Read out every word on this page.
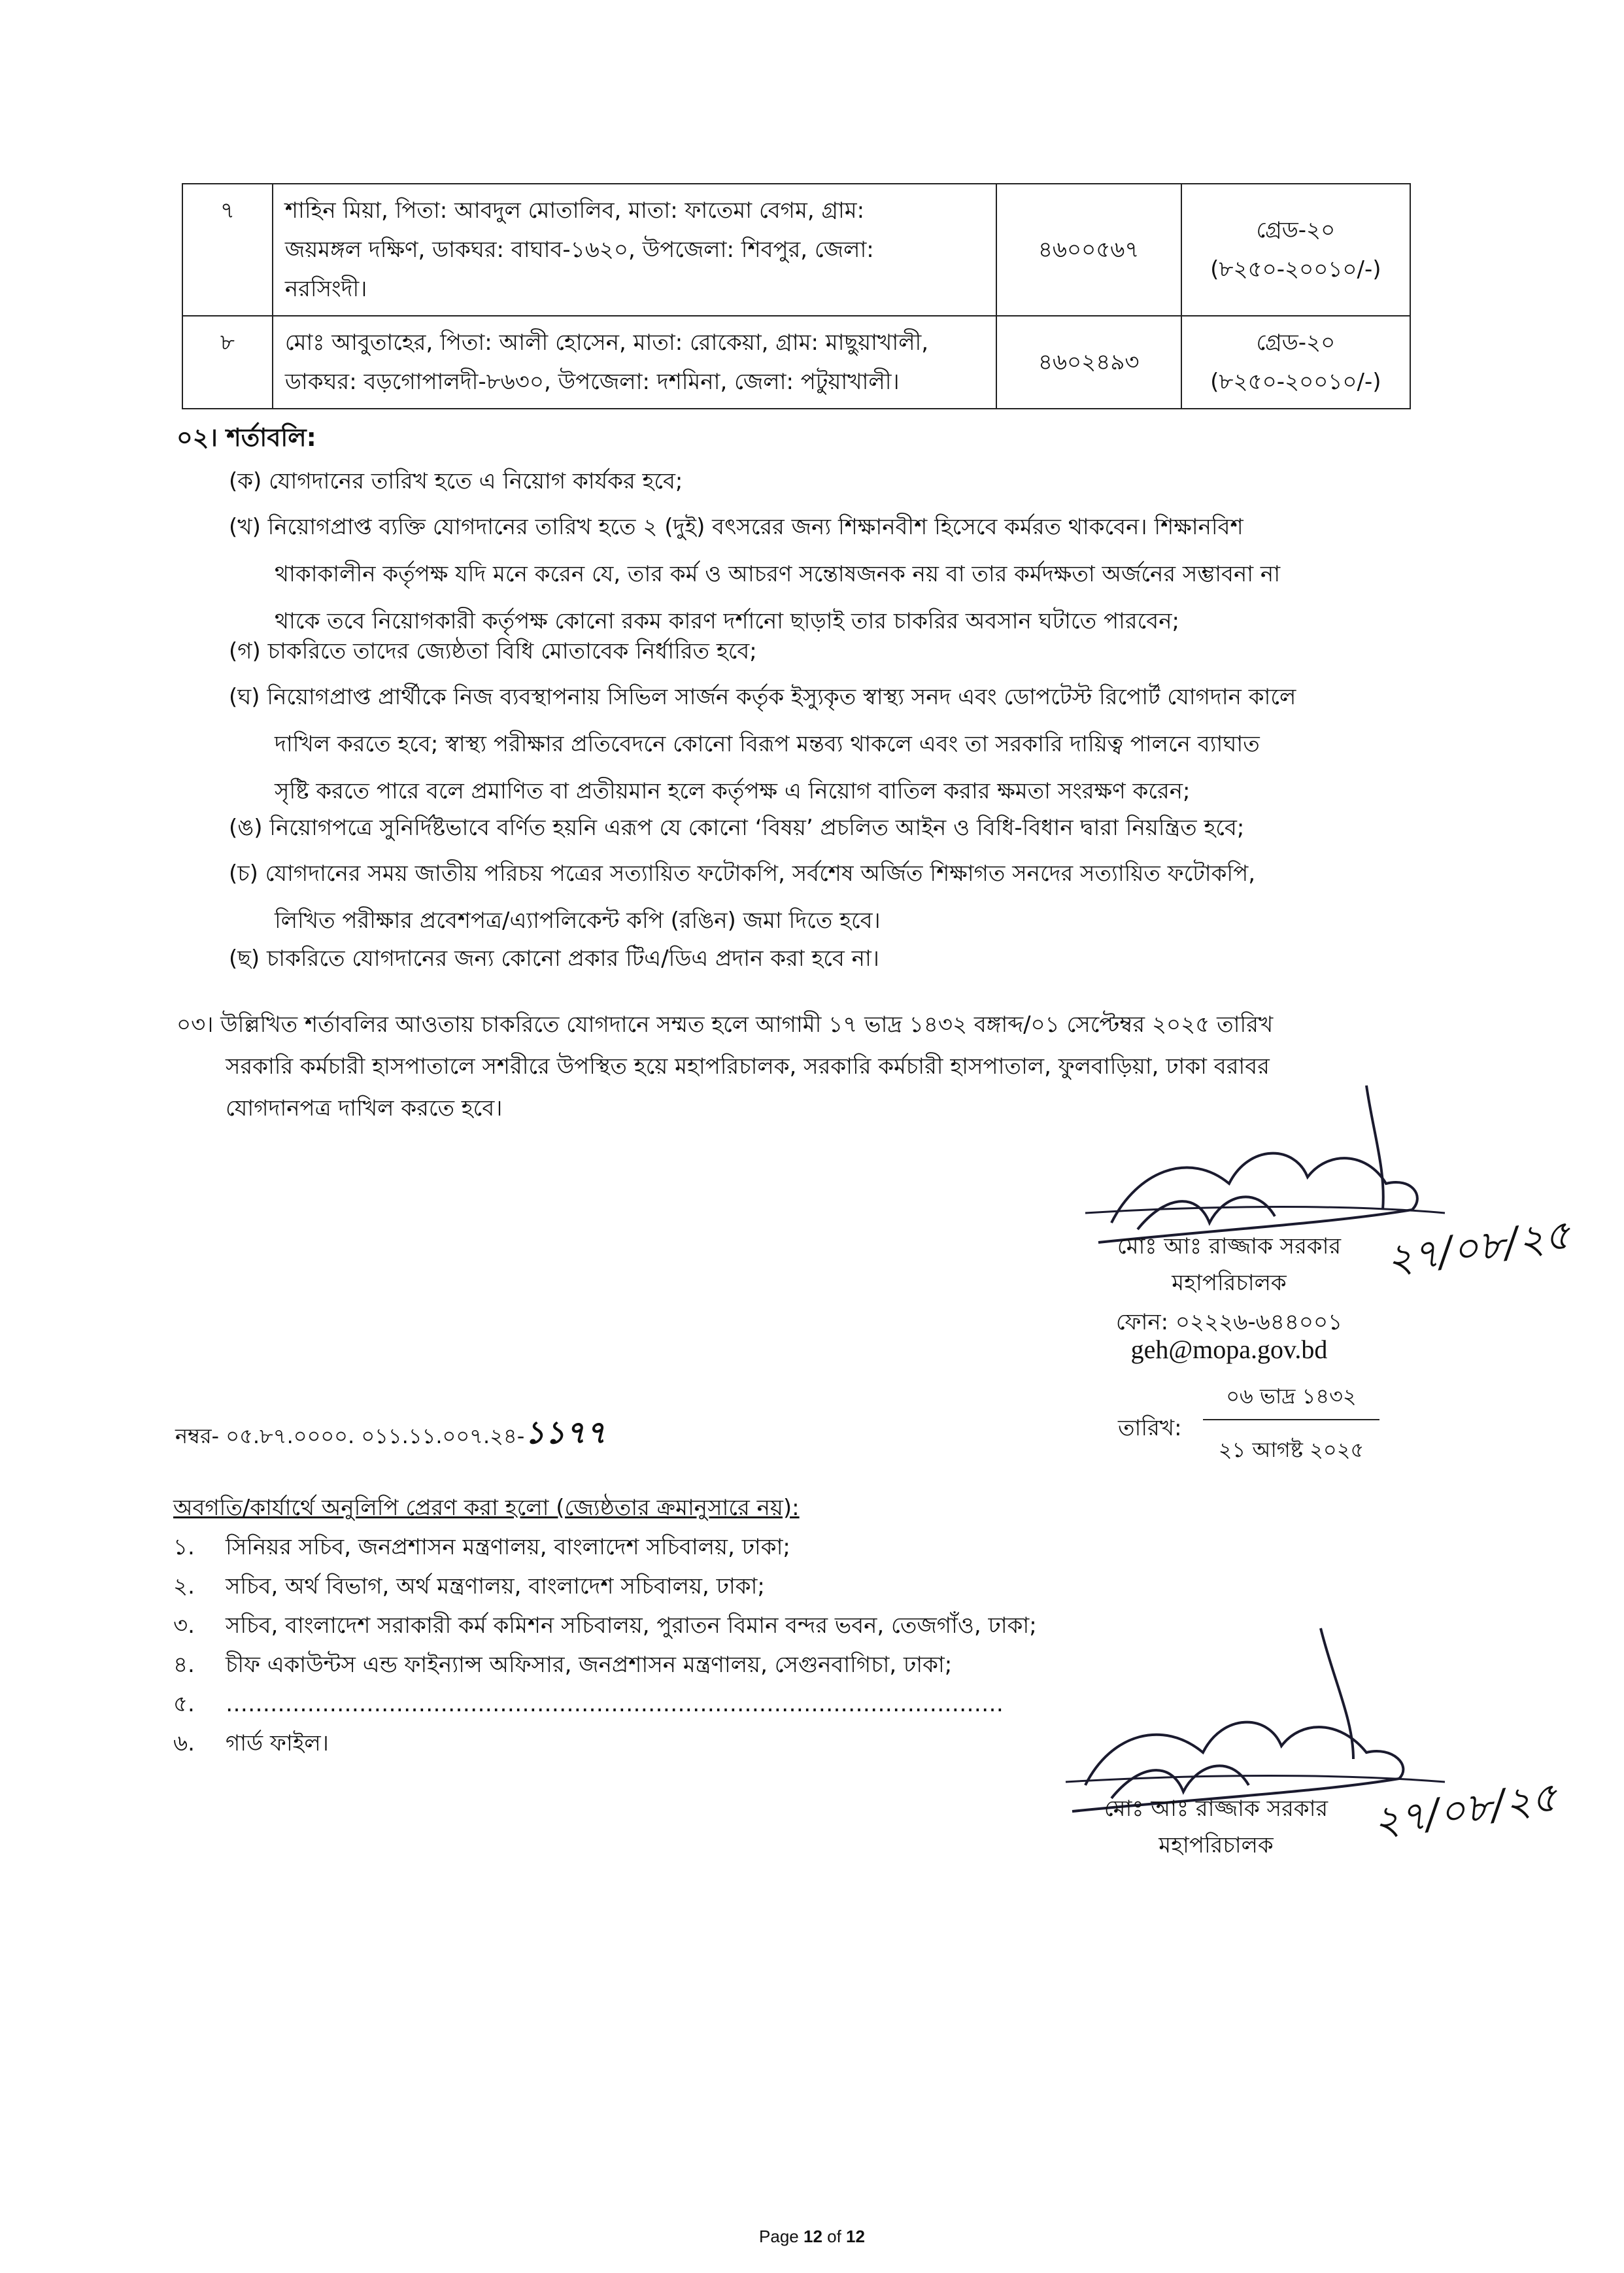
৭	শাহিন মিয়া, পিতা: আবদুল মোতালিব, মাতা: ফাতেমা বেগম, গ্রাম:
জয়মঙ্গল দক্ষিণ, ডাকঘর: বাঘাব-১৬২০, উপজেলা: শিবপুর, জেলা:
নরসিংদী।	৪৬০০৫৬৭	গ্রেড-২০
(৮২৫০-২০০১০/-)

৮	মোঃ আবুতাহের, পিতা: আলী হোসেন, মাতা: রোকেয়া, গ্রাম: মাছুয়াখালী,
ডাকঘর: বড়গোপালদী-৮৬৩০, উপজেলা: দশমিনা, জেলা: পটুয়াখালী।	৪৬০২৪৯৩	গ্রেড-২০
(৮২৫০-২০০১০/-)
০২। শর্তাবলি:
(ক) যোগদানের তারিখ হতে এ নিয়োগ কার্যকর হবে;
(খ) নিয়োগপ্রাপ্ত ব্যক্তি যোগদানের তারিখ হতে ২ (দুই) বৎসরের জন্য শিক্ষানবীশ হিসেবে কর্মরত থাকবেন। শিক্ষানবিশ
থাকাকালীন কর্তৃপক্ষ যদি মনে করেন যে, তার কর্ম ও আচরণ সন্তোষজনক নয় বা তার কর্মদক্ষতা অর্জনের সম্ভাবনা না
থাকে তবে নিয়োগকারী কর্তৃপক্ষ কোনো রকম কারণ দর্শানো ছাড়াই তার চাকরির অবসান ঘটাতে পারবেন;
(গ) চাকরিতে তাদের জ্যেষ্ঠতা বিধি মোতাবেক নির্ধারিত হবে;
(ঘ) নিয়োগপ্রাপ্ত প্রার্থীকে নিজ ব্যবস্থাপনায় সিভিল সার্জন কর্তৃক ইস্যুকৃত স্বাস্থ্য সনদ এবং ডোপটেস্ট রিপোর্ট যোগদান কালে
দাখিল করতে হবে; স্বাস্থ্য পরীক্ষার প্রতিবেদনে কোনো বিরূপ মন্তব্য থাকলে এবং তা সরকারি দায়িত্ব পালনে ব্যাঘাত
সৃষ্টি করতে পারে বলে প্রমাণিত বা প্রতীয়মান হলে কর্তৃপক্ষ এ নিয়োগ বাতিল করার ক্ষমতা সংরক্ষণ করেন;
(ঙ) নিয়োগপত্রে সুনির্দিষ্টভাবে বর্ণিত হয়নি এরূপ যে কোনো ‘বিষয়’ প্রচলিত আইন ও বিধি-বিধান দ্বারা নিয়ন্ত্রিত হবে;
(চ) যোগদানের সময় জাতীয় পরিচয় পত্রের সত্যায়িত ফটোকপি, সর্বশেষ অর্জিত শিক্ষাগত সনদের সত্যায়িত ফটোকপি,
লিখিত পরীক্ষার প্রবেশপত্র/এ্যাপলিকেন্ট কপি (রঙিন) জমা দিতে হবে।
(ছ) চাকরিতে যোগদানের জন্য কোনো প্রকার টিএ/ডিএ প্রদান করা হবে না।
০৩। উল্লিখিত শর্তাবলির আওতায় চাকরিতে যোগদানে সম্মত হলে আগামী ১৭ ভাদ্র ১৪৩২ বঙ্গাব্দ/০১ সেপ্টেম্বর ২০২৫ তারিখ
সরকারি কর্মচারী হাসপাতালে সশরীরে উপস্থিত হয়ে মহাপরিচালক, সরকারি কর্মচারী হাসপাতাল, ফুলবাড়িয়া, ঢাকা বরাবর
যোগদানপত্র দাখিল করতে হবে।
মোঃ আঃ রাজ্জাক সরকার
মহাপরিচালক
ফোন: ০২২২৬-৬৪৪০০১
geh@mopa.gov.bd
২৭/০৮/২৫
নম্বর- ০৫.৮৭.০০০০. ০১১.১১.০০৭.২৪-১১৭৭	তারিখ:
০৬ ভাদ্র ১৪৩২
২১ আগষ্ট ২০২৫
অবগতি/কার্যার্থে অনুলিপি প্রেরণ করা হলো (জ্যেষ্ঠতার ক্রমানুসারে নয়):
১. সিনিয়র সচিব, জনপ্রশাসন মন্ত্রণালয়, বাংলাদেশ সচিবালয়, ঢাকা;
২. সচিব, অর্থ বিভাগ, অর্থ মন্ত্রণালয়, বাংলাদেশ সচিবালয়, ঢাকা;
৩. সচিব, বাংলাদেশ সরাকারী কর্ম কমিশন সচিবালয়, পুরাতন বিমান বন্দর ভবন, তেজগাঁও, ঢাকা;
৪. চীফ একাউন্টস এন্ড ফাইন্যান্স অফিসার, জনপ্রশাসন মন্ত্রণালয়, সেগুনবাগিচা, ঢাকা;
৫. ……………………………………………………………………………………………
৬. গার্ড ফাইল।
মোঃ আঃ রাজ্জাক সরকার
মহাপরিচালক	২৭/০৮/২৫
Page 12 of 12
